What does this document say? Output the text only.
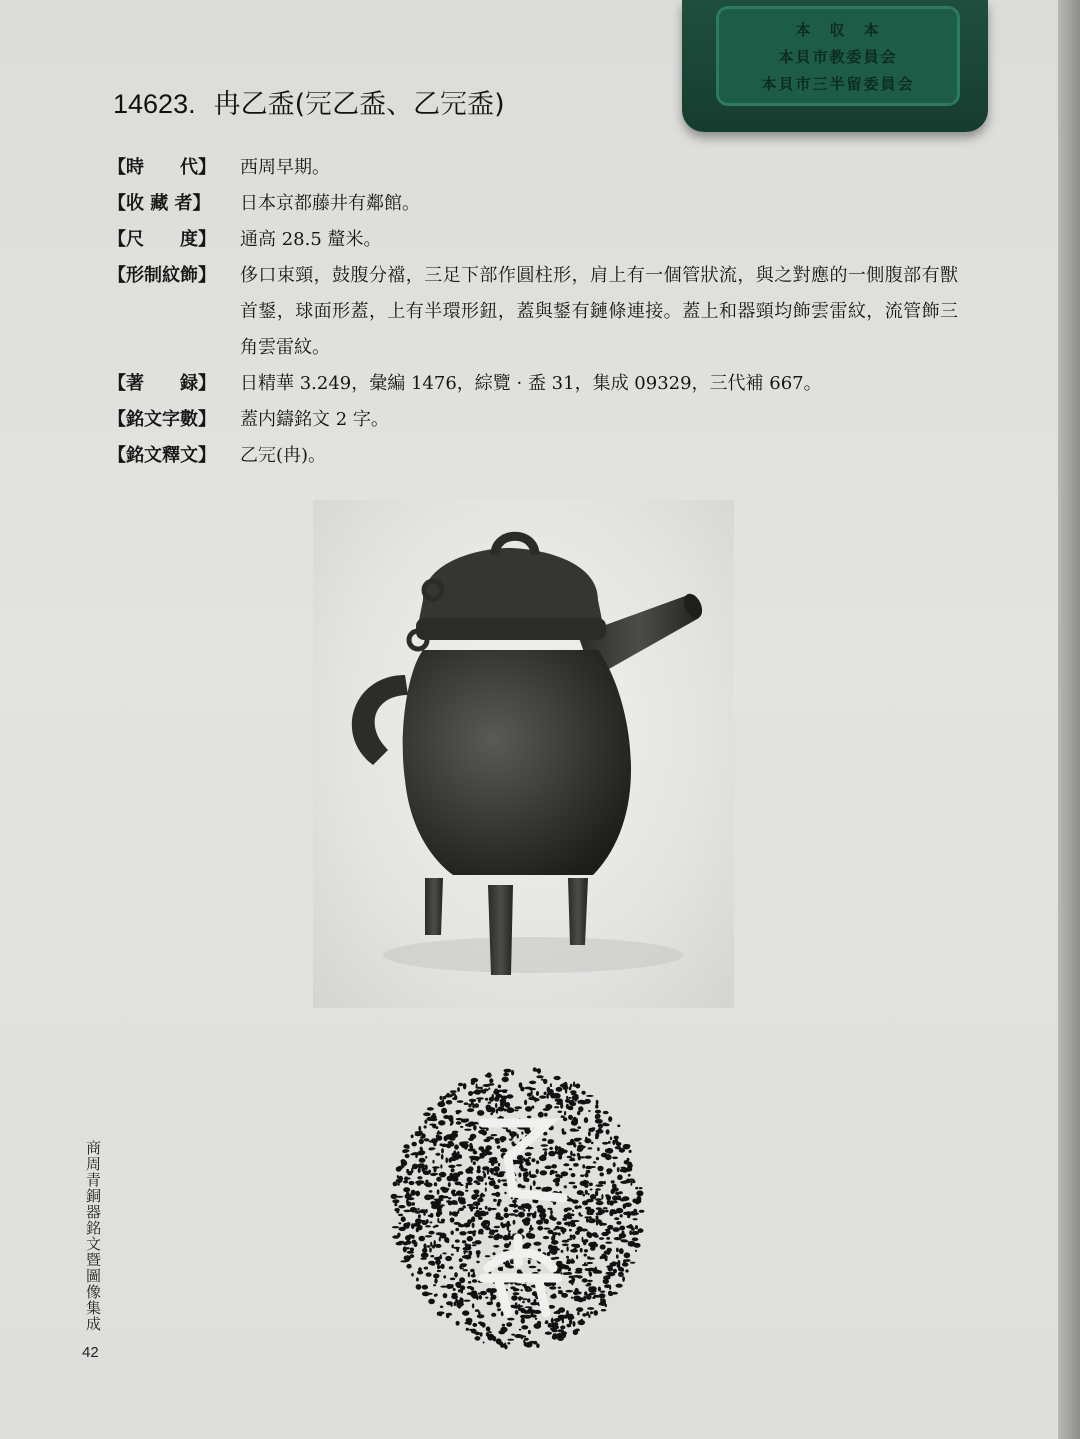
本　収　本
本貝市教委員会
本貝市三半留委員会
14623. 冉乙盉(𠕻乙盉、乙𠕻盉)
【時　　代】	西周早期。
【收 藏 者】	日本京都藤井有鄰館。
【尺　　度】	通高 28.5 釐米。
【形制紋飾】	侈口束頸，鼓腹分襠，三足下部作圓柱形，肩上有一個管狀流，與之對應的一側腹部有獸首鋬，球面形蓋，上有半環形鈕，蓋與鋬有鏈條連接。蓋上和器頸均飾雲雷紋，流管飾三角雲雷紋。
【著　　録】	日精華 3.249，彙編 1476，綜覽 · 盉 31，集成 09329，三代補 667。
【銘文字數】	蓋内鑄銘文 2 字。
【銘文釋文】	乙𠕻(冉)。
商周青銅器銘文暨圖像集成
42
